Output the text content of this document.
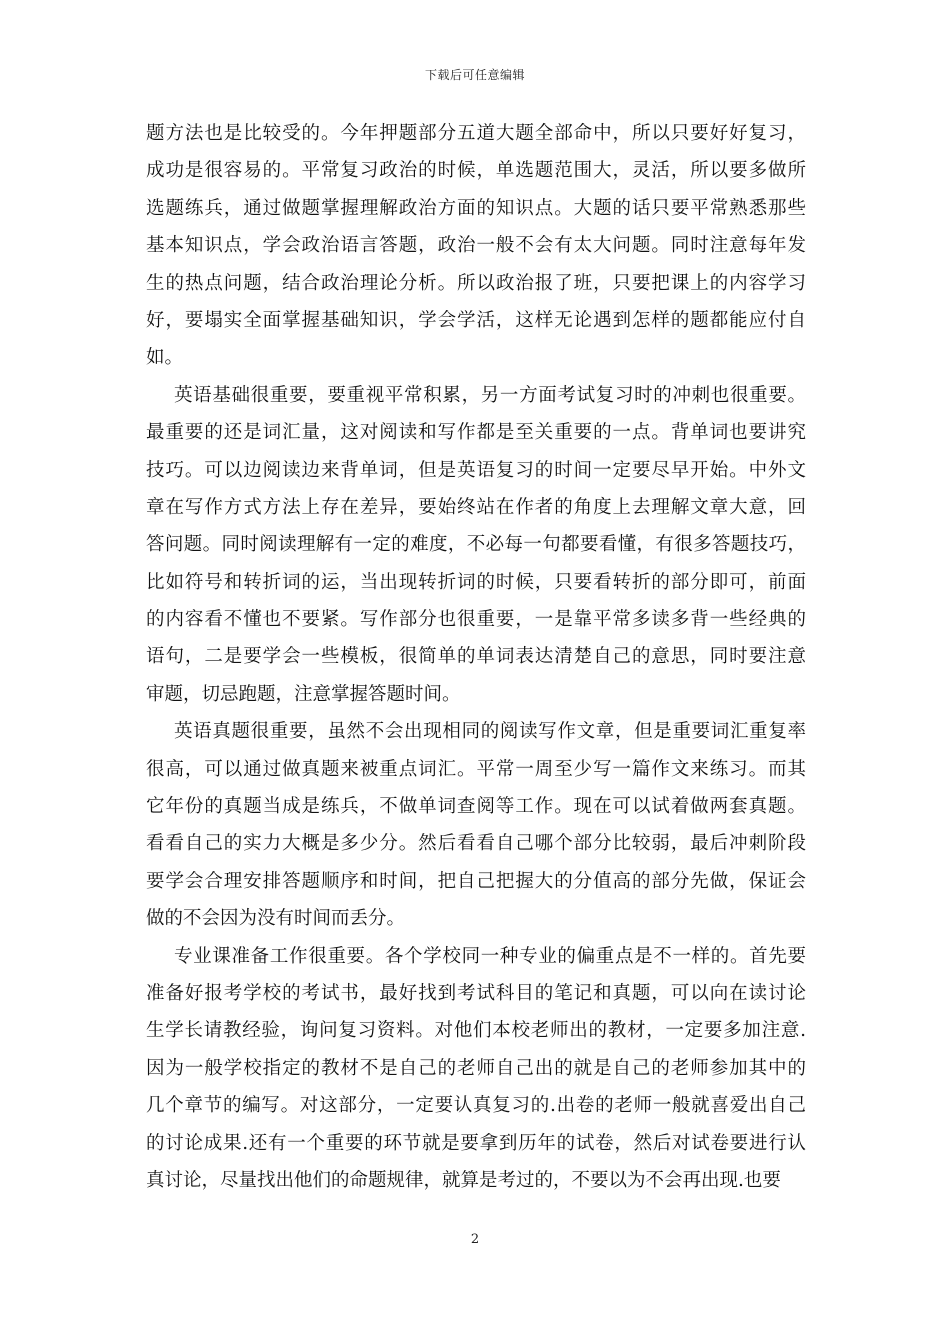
下载后可任意编辑
题方法也是比较受的。今年押题部分五道大题全部命中，所以只要好好复习，
成功是很容易的。平常复习政治的时候，单选题范围大，灵活，所以要多做所
选题练兵，通过做题掌握理解政治方面的知识点。大题的话只要平常熟悉那些
基本知识点，学会政治语言答题，政治一般不会有太大问题。同时注意每年发
生的热点问题，结合政治理论分析。所以政治报了班，只要把课上的内容学习
好，要塌实全面掌握基础知识，学会学活，这样无论遇到怎样的题都能应付自
如。
英语基础很重要，要重视平常积累，另一方面考试复习时的冲刺也很重要。
最重要的还是词汇量，这对阅读和写作都是至关重要的一点。背单词也要讲究
技巧。可以边阅读边来背单词，但是英语复习的时间一定要尽早开始。中外文
章在写作方式方法上存在差异，要始终站在作者的角度上去理解文章大意，回
答问题。同时阅读理解有一定的难度，不必每一句都要看懂，有很多答题技巧，
比如符号和转折词的运，当出现转折词的时候，只要看转折的部分即可，前面
的内容看不懂也不要紧。写作部分也很重要，一是靠平常多读多背一些经典的
语句，二是要学会一些模板，很简单的单词表达清楚自己的意思，同时要注意
审题，切忌跑题，注意掌握答题时间。
英语真题很重要，虽然不会出现相同的阅读写作文章，但是重要词汇重复率
很高，可以通过做真题来被重点词汇。平常一周至少写一篇作文来练习。而其
它年份的真题当成是练兵，不做单词查阅等工作。现在可以试着做两套真题。
看看自己的实力大概是多少分。然后看看自己哪个部分比较弱，最后冲刺阶段
要学会合理安排答题顺序和时间，把自己把握大的分值高的部分先做，保证会
做的不会因为没有时间而丢分。
专业课准备工作很重要。各个学校同一种专业的偏重点是不一样的。首先要
准备好报考学校的考试书，最好找到考试科目的笔记和真题，可以向在读讨论
生学长请教经验，询问复习资料。对他们本校老师出的教材，一定要多加注意.
因为一般学校指定的教材不是自己的老师自己出的就是自己的老师参加其中的
几个章节的编写。对这部分，一定要认真复习的.出卷的老师一般就喜爱出自己
的讨论成果.还有一个重要的环节就是要拿到历年的试卷，然后对试卷要进行认
真讨论，尽量找出他们的命题规律，就算是考过的，不要以为不会再出现.也要
2
